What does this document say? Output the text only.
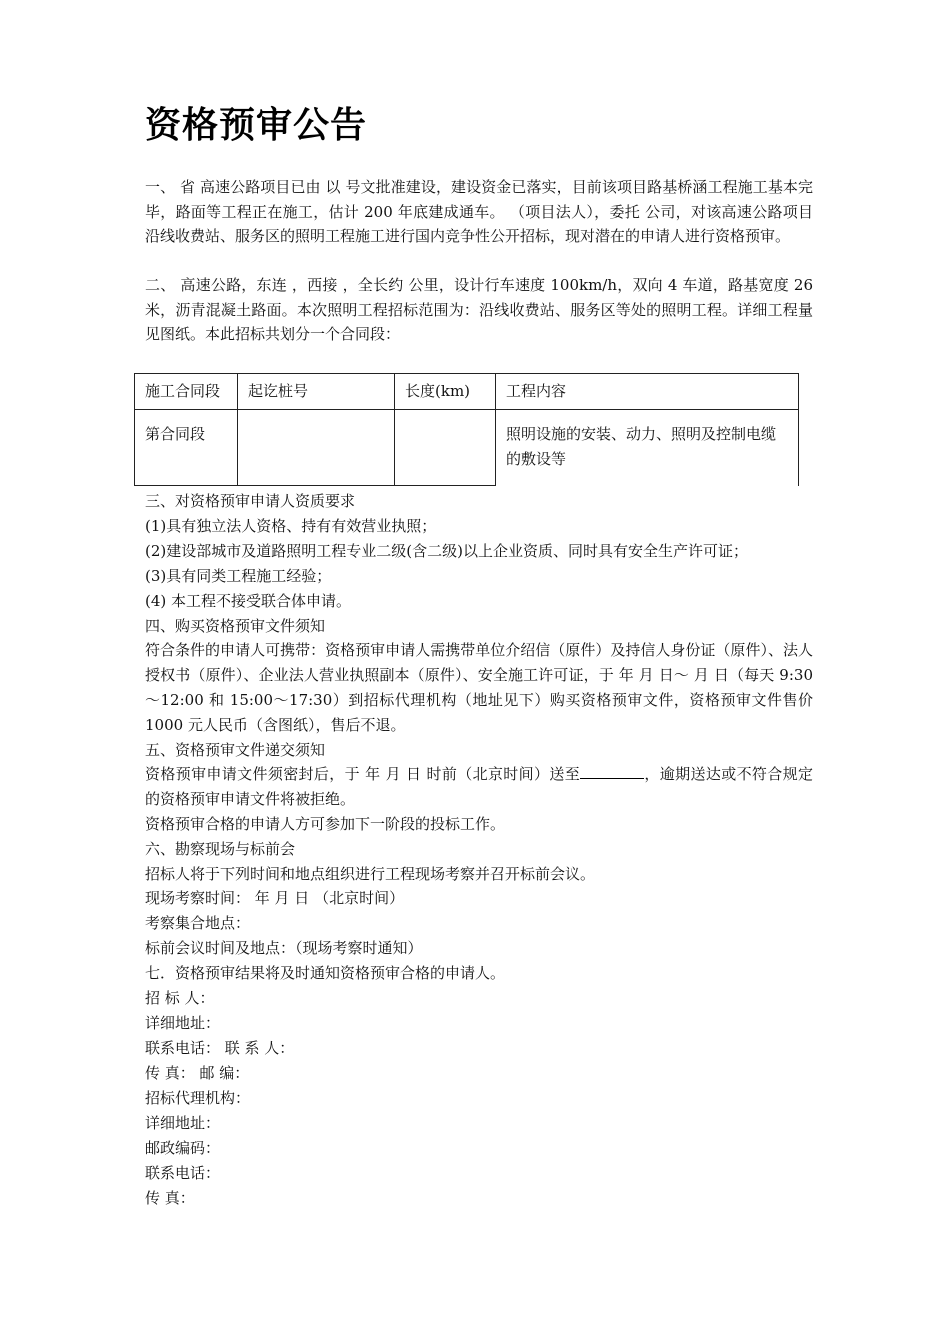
资格预审公告

一、 省 高速公路项目已由 以 号文批准建设，建设资金已落实，目前该项目路基桥涵工程施工基本完毕，路面等工程正在施工，估计 200 年底建成通车。 （项目法人），委托 公司，对该高速公路项目沿线收费站、服务区的照明工程施工进行国内竞争性公开招标，现对潜在的申请人进行资格预审。

二、 高速公路，东连 ，西接 ，全长约 公里，设计行车速度 100km/h，双向 4 车道，路基宽度 26 米，沥青混凝土路面。本次照明工程招标范围为：沿线收费站、服务区等处的照明工程。详细工程量见图纸。本此招标共划分一个合同段：

施工合同段	起讫桩号	长度(km)	工程内容
第合同段			照明设施的安装、动力、照明及控制电缆的敷设等

三、对资格预审申请人资质要求

(1)具有独立法人资格、持有有效营业执照；

(2)建设部城市及道路照明工程专业二级(含二级)以上企业资质、同时具有安全生产许可证；

(3)具有同类工程施工经验；

(4) 本工程不接受联合体申请。

四、购买资格预审文件须知

符合条件的申请人可携带：资格预审申请人需携带单位介绍信（原件）及持信人身份证（原件）、法人授权书（原件）、企业法人营业执照副本（原件）、安全施工许可证，于 年 月 日～ 月 日（每天 9:30～12:00 和 15:00～17:30）到招标代理机构（地址见下）购买资格预审文件，资格预审文件售价 1000 元人民币（含图纸），售后不退。

五、资格预审文件递交须知

资格预审申请文件须密封后，于 年 月 日 时前（北京时间）送至	，逾期送达或不符合规定的资格预审申请文件将被拒绝。

资格预审合格的申请人方可参加下一阶段的投标工作。

六、勘察现场与标前会

招标人将于下列时间和地点组织进行工程现场考察并召开标前会议。

现场考察时间： 年 月 日 （北京时间）

考察集合地点：

标前会议时间及地点：（现场考察时通知）

七．资格预审结果将及时通知资格预审合格的申请人。

招 标 人：

详细地址：

联系电话： 联 系 人：

传 真： 邮 编：

招标代理机构：

详细地址：

邮政编码：

联系电话：

传 真：
